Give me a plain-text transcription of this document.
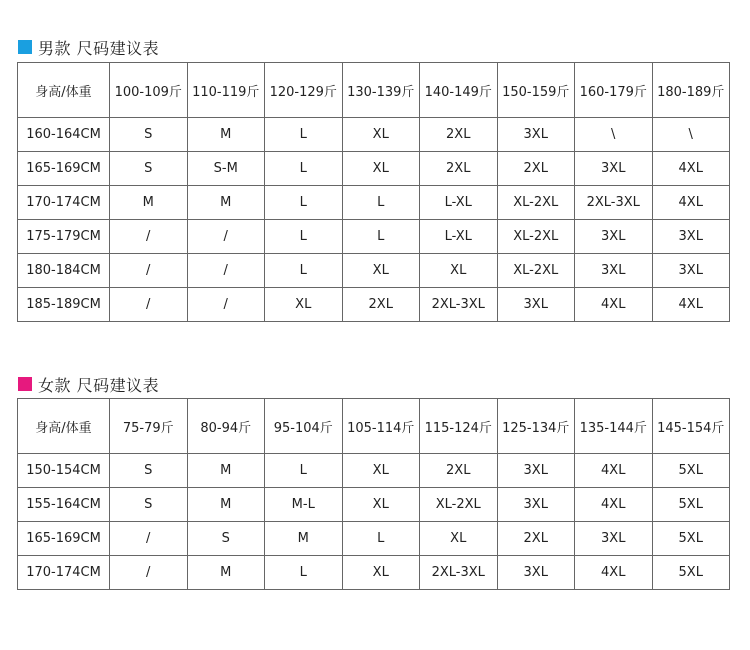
男款 尺码建议表
身高/体重	100-109斤	110-119斤	120-129斤	130-139斤	140-149斤	150-159斤	160-179斤	180-189斤
160-164CM	S	M	L	XL	2XL	3XL	\	\
165-169CM	S	S-M	L	XL	2XL	2XL	3XL	4XL
170-174CM	M	M	L	L	L-XL	XL-2XL	2XL-3XL	4XL
175-179CM	/	/	L	L	L-XL	XL-2XL	3XL	3XL
180-184CM	/	/	L	XL	XL	XL-2XL	3XL	3XL
185-189CM	/	/	XL	2XL	2XL-3XL	3XL	4XL	4XL
女款 尺码建议表
身高/体重	75-79斤	80-94斤	95-104斤	105-114斤	115-124斤	125-134斤	135-144斤	145-154斤
150-154CM	S	M	L	XL	2XL	3XL	4XL	5XL
155-164CM	S	M	M-L	XL	XL-2XL	3XL	4XL	5XL
165-169CM	/	S	M	L	XL	2XL	3XL	5XL
170-174CM	/	M	L	XL	2XL-3XL	3XL	4XL	5XL
